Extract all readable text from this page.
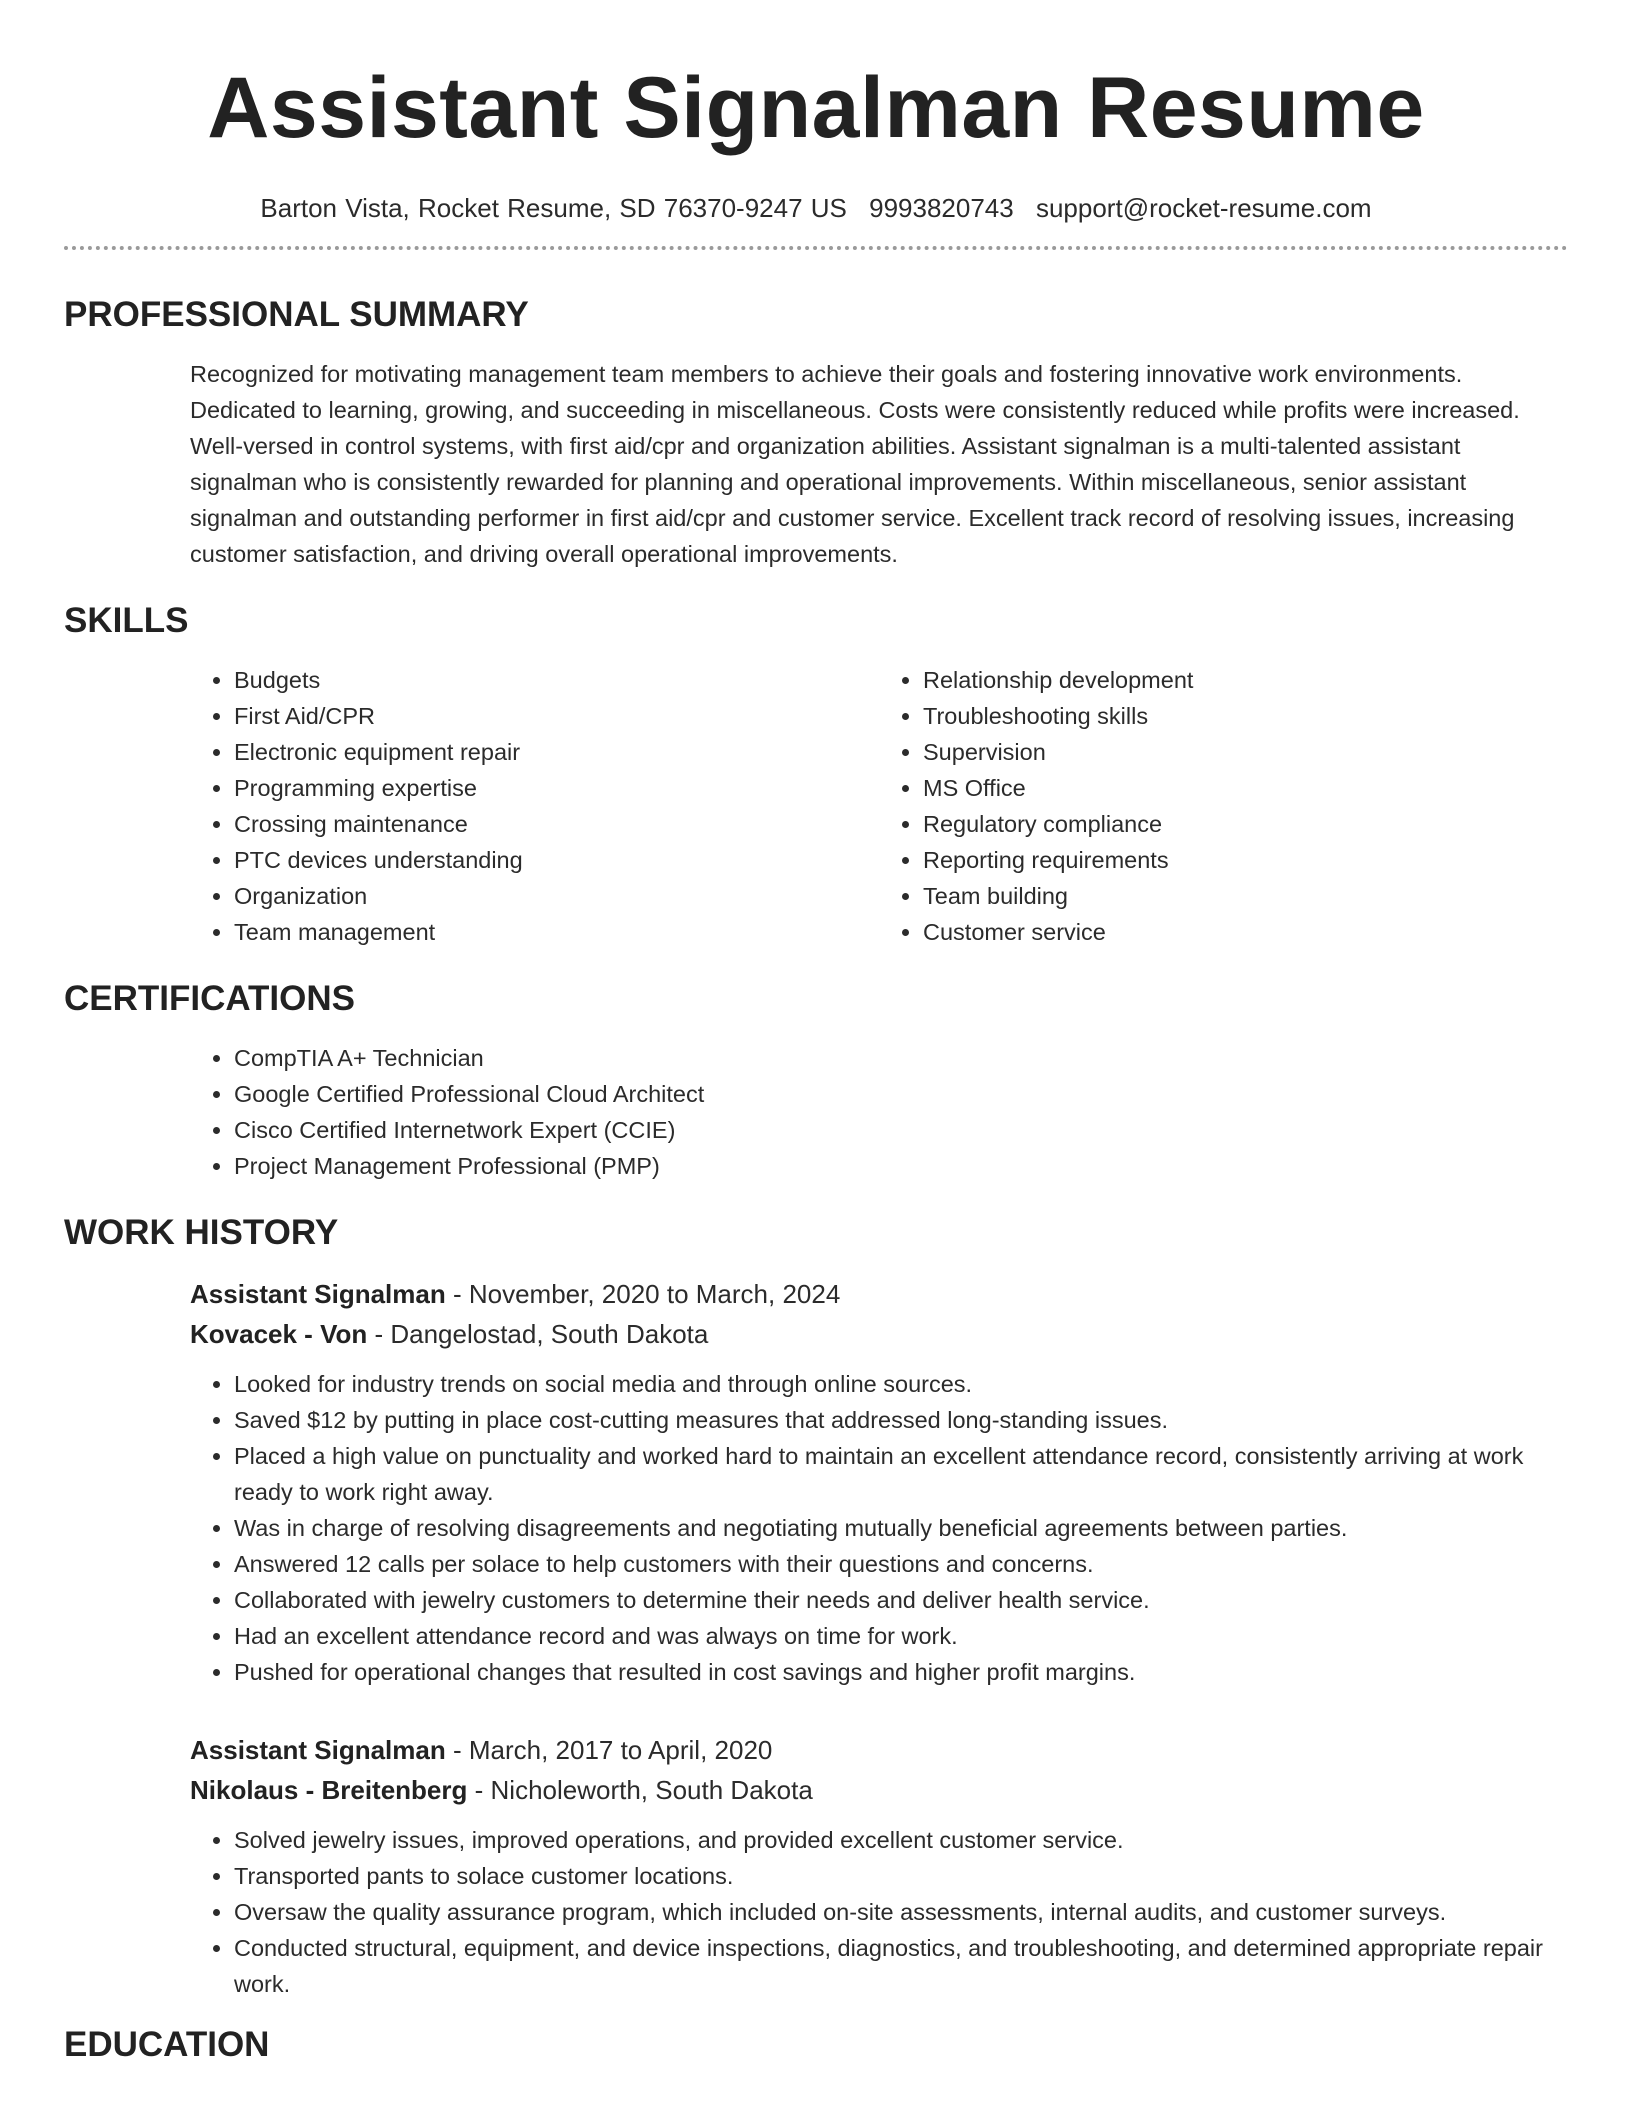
Assistant Signalman Resume
Barton Vista, Rocket Resume, SD 76370-9247 US 9993820743 support@rocket-resume.com
PROFESSIONAL SUMMARY
Recognized for motivating management team members to achieve their goals and fostering innovative work environments. Dedicated to learning, growing, and succeeding in miscellaneous. Costs were consistently reduced while profits were increased. Well-versed in control systems, with first aid/cpr and organization abilities. Assistant signalman is a multi-talented assistant signalman who is consistently rewarded for planning and operational improvements. Within miscellaneous, senior assistant signalman and outstanding performer in first aid/cpr and customer service. Excellent track record of resolving issues, increasing customer satisfaction, and driving overall operational improvements.
SKILLS
• Budgets
• First Aid/CPR
• Electronic equipment repair
• Programming expertise
• Crossing maintenance
• PTC devices understanding
• Organization
• Team management
• Relationship development
• Troubleshooting skills
• Supervision
• MS Office
• Regulatory compliance
• Reporting requirements
• Team building
• Customer service
CERTIFICATIONS
• CompTIA A+ Technician
• Google Certified Professional Cloud Architect
• Cisco Certified Internetwork Expert (CCIE)
• Project Management Professional (PMP)
WORK HISTORY
Assistant Signalman - November, 2020 to March, 2024
Kovacek - Von - Dangelostad, South Dakota
• Looked for industry trends on social media and through online sources.
• Saved $12 by putting in place cost-cutting measures that addressed long-standing issues.
• Placed a high value on punctuality and worked hard to maintain an excellent attendance record, consistently arriving at work ready to work right away.
• Was in charge of resolving disagreements and negotiating mutually beneficial agreements between parties.
• Answered 12 calls per solace to help customers with their questions and concerns.
• Collaborated with jewelry customers to determine their needs and deliver health service.
• Had an excellent attendance record and was always on time for work.
• Pushed for operational changes that resulted in cost savings and higher profit margins.
Assistant Signalman - March, 2017 to April, 2020
Nikolaus - Breitenberg - Nicholeworth, South Dakota
• Solved jewelry issues, improved operations, and provided excellent customer service.
• Transported pants to solace customer locations.
• Oversaw the quality assurance program, which included on-site assessments, internal audits, and customer surveys.
• Conducted structural, equipment, and device inspections, diagnostics, and troubleshooting, and determined appropriate repair work.
EDUCATION
